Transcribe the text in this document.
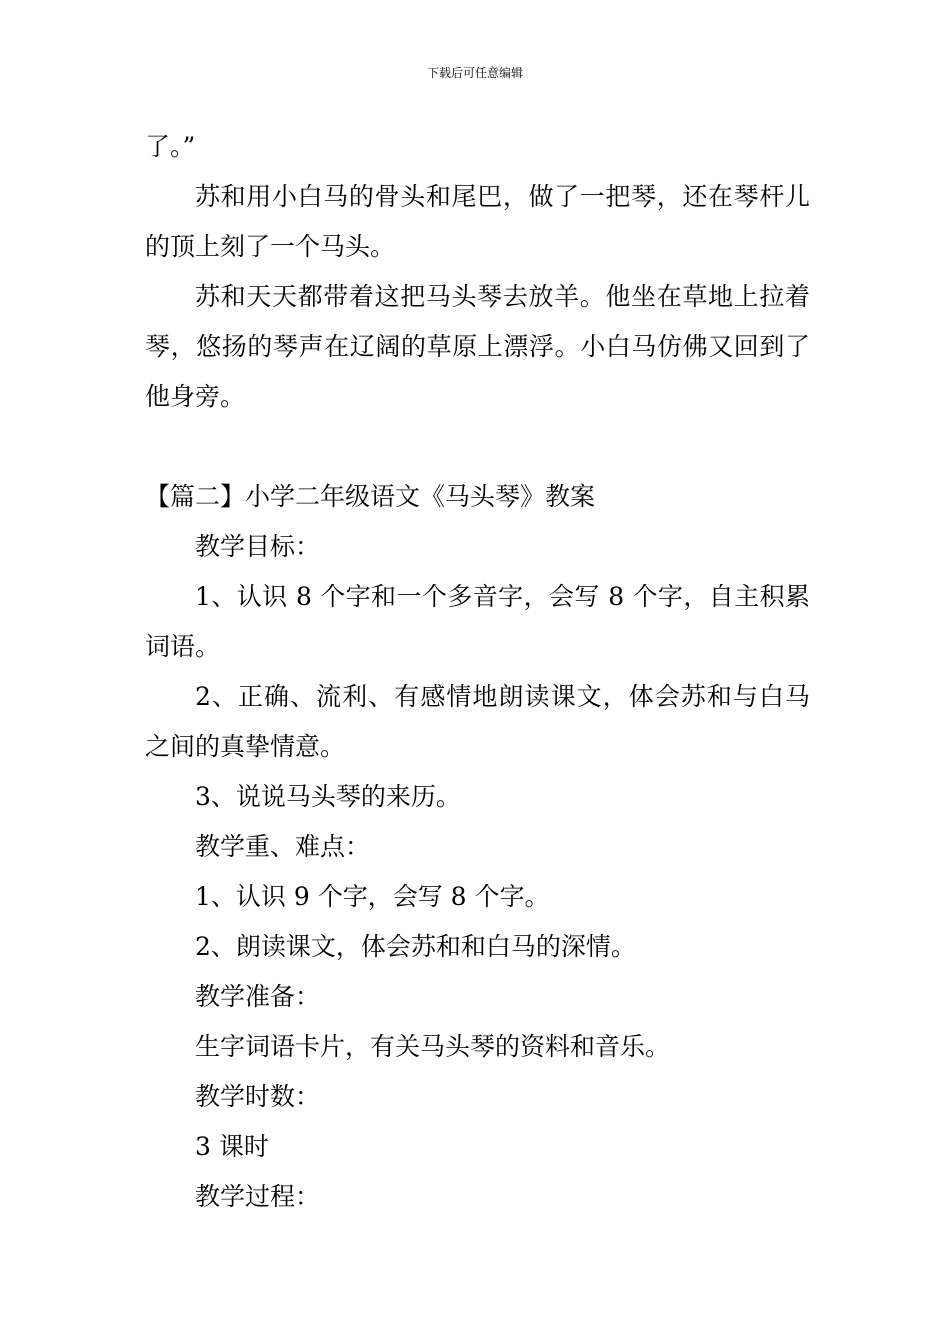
下载后可任意编辑

了。”

苏和用小白马的骨头和尾巴，做了一把琴，还在琴杆儿的顶上刻了一个马头。

苏和天天都带着这把马头琴去放羊。他坐在草地上拉着琴，悠扬的琴声在辽阔的草原上漂浮。小白马仿佛又回到了他身旁。

【篇二】小学二年级语文《马头琴》教案

教学目标：

1、认识 8 个字和一个多音字，会写 8 个字，自主积累词语。

2、正确、流利、有感情地朗读课文，体会苏和与白马之间的真挚情意。

3、说说马头琴的来历。

教学重、难点：

1、认识 9 个字，会写 8 个字。

2、朗读课文，体会苏和和白马的深情。

教学准备：

生字词语卡片，有关马头琴的资料和音乐。

教学时数：

3 课时

教学过程：
